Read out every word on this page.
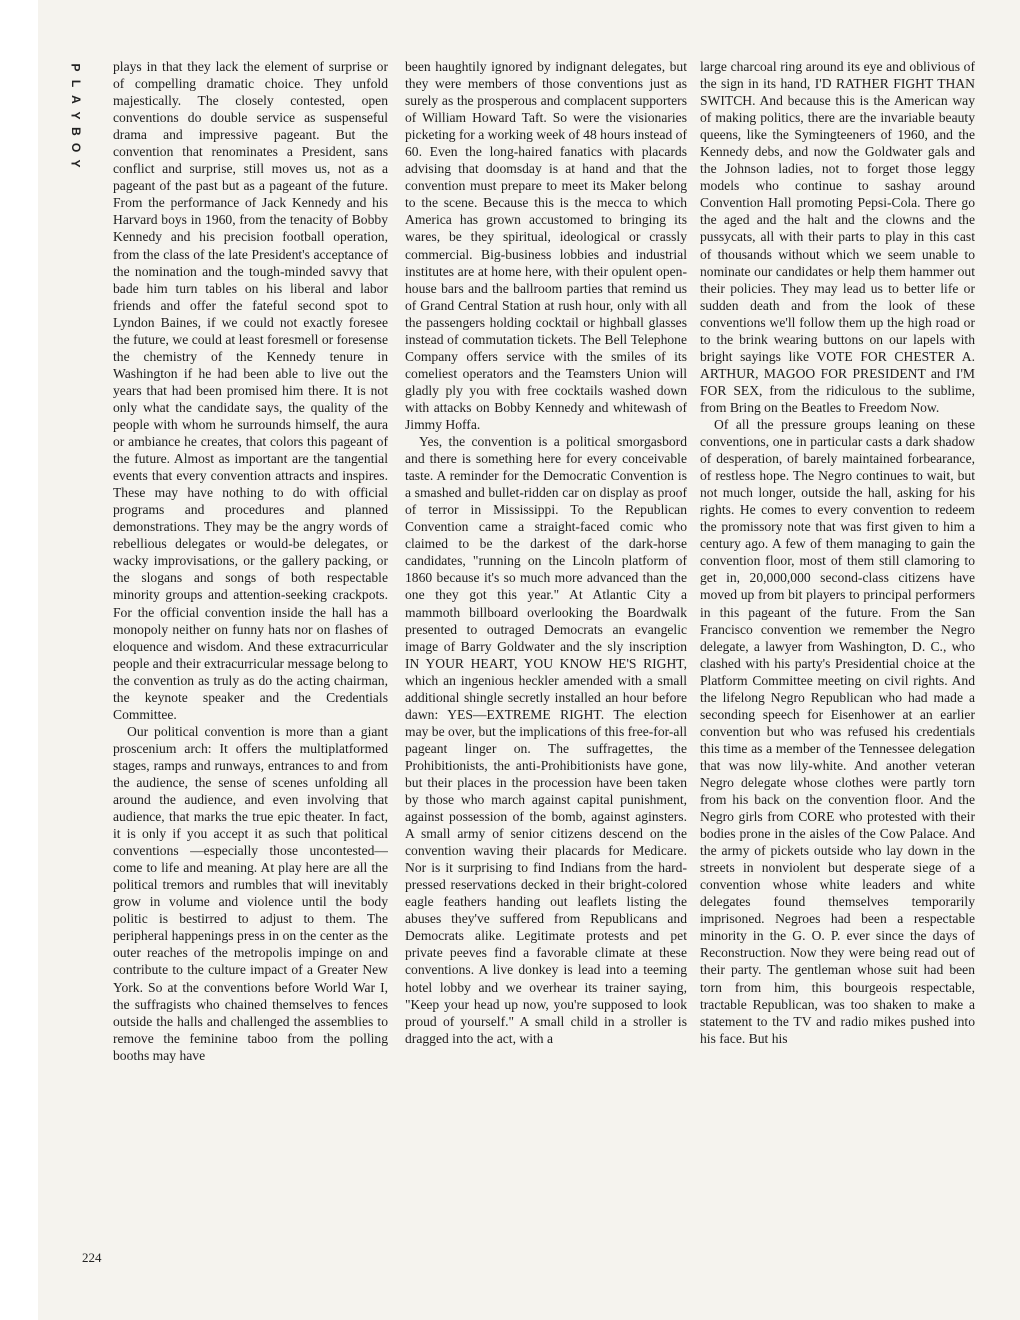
P
L
A
Y
B
O
Y

plays in that they lack the element of surprise or of compelling dramatic choice. They unfold majestically. The closely contested, open conventions do double service as suspenseful drama and impressive pageant. But the convention that renominates a President, sans conflict and surprise, still moves us, not as a pageant of the past but as a pageant of the future. From the performance of Jack Kennedy and his Harvard boys in 1960, from the tenacity of Bobby Kennedy and his precision football operation, from the class of the late President's acceptance of the nomination and the tough-minded savvy that bade him turn tables on his liberal and labor friends and offer the fateful second spot to Lyndon Baines, if we could not exactly foresee the future, we could at least foresmell or foresense the chemistry of the Kennedy tenure in Washington if he had been able to live out the years that had been promised him there. It is not only what the candidate says, the quality of the people with whom he surrounds himself, the aura or ambiance he creates, that colors this pageant of the future. Almost as important are the tangential events that every convention attracts and inspires. These may have nothing to do with official programs and procedures and planned demonstrations. They may be the angry words of rebellious delegates or would-be delegates, or wacky improvisations, or the gallery packing, or the slogans and songs of both respectable minority groups and attention-seeking crackpots. For the official convention inside the hall has a monopoly neither on funny hats nor on flashes of eloquence and wisdom. And these extracurricular people and their extracurricular message belong to the convention as truly as do the acting chairman, the keynote speaker and the Credentials Committee.

Our political convention is more than a giant proscenium arch: It offers the multiplatformed stages, ramps and runways, entrances to and from the audience, the sense of scenes unfolding all around the audience, and even involving that audience, that marks the true epic theater. In fact, it is only if you accept it as such that political conventions —especially those uncontested—come to life and meaning. At play here are all the political tremors and rumbles that will inevitably grow in volume and violence until the body politic is bestirred to adjust to them. The peripheral happenings press in on the center as the outer reaches of the metropolis impinge on and contribute to the culture impact of a Greater New York. So at the conventions before World War I, the suffragists who chained themselves to fences outside the halls and challenged the assemblies to remove the feminine taboo from the polling booths may have

been haughtily ignored by indignant delegates, but they were members of those conventions just as surely as the prosperous and complacent supporters of William Howard Taft. So were the visionaries picketing for a working week of 48 hours instead of 60. Even the long-haired fanatics with placards advising that doomsday is at hand and that the convention must prepare to meet its Maker belong to the scene. Because this is the mecca to which America has grown accustomed to bringing its wares, be they spiritual, ideological or crassly commercial. Big-business lobbies and industrial institutes are at home here, with their opulent open-house bars and the ballroom parties that remind us of Grand Central Station at rush hour, only with all the passengers holding cocktail or highball glasses instead of commutation tickets. The Bell Telephone Company offers service with the smiles of its comeliest operators and the Teamsters Union will gladly ply you with free cocktails washed down with attacks on Bobby Kennedy and whitewash of Jimmy Hoffa.

Yes, the convention is a political smorgasbord and there is something here for every conceivable taste. A reminder for the Democratic Convention is a smashed and bullet-ridden car on display as proof of terror in Mississippi. To the Republican Convention came a straight-faced comic who claimed to be the darkest of the dark-horse candidates, "running on the Lincoln platform of 1860 because it's so much more advanced than the one they got this year." At Atlantic City a mammoth billboard overlooking the Boardwalk presented to outraged Democrats an evangelic image of Barry Goldwater and the sly inscription IN YOUR HEART, YOU KNOW HE'S RIGHT, which an ingenious heckler amended with a small additional shingle secretly installed an hour before dawn: YES—EXTREME RIGHT. The election may be over, but the implications of this free-for-all pageant linger on. The suffragettes, the Prohibitionists, the anti-Prohibitionists have gone, but their places in the procession have been taken by those who march against capital punishment, against possession of the bomb, against aginsters. A small army of senior citizens descend on the convention waving their placards for Medicare. Nor is it surprising to find Indians from the hard-pressed reservations decked in their bright-colored eagle feathers handing out leaflets listing the abuses they've suffered from Republicans and Democrats alike. Legitimate protests and pet private peeves find a favorable climate at these conventions. A live donkey is lead into a teeming hotel lobby and we overhear its trainer saying, "Keep your head up now, you're supposed to look proud of yourself." A small child in a stroller is dragged into the act, with a

large charcoal ring around its eye and oblivious of the sign in its hand, I'D RATHER FIGHT THAN SWITCH. And because this is the American way of making politics, there are the invariable beauty queens, like the Symingteeners of 1960, and the Kennedy debs, and now the Goldwater gals and the Johnson ladies, not to forget those leggy models who continue to sashay around Convention Hall promoting Pepsi-Cola. There go the aged and the halt and the clowns and the pussycats, all with their parts to play in this cast of thousands without which we seem unable to nominate our candidates or help them hammer out their policies. They may lead us to better life or sudden death and from the look of these conventions we'll follow them up the high road or to the brink wearing buttons on our lapels with bright sayings like VOTE FOR CHESTER A. ARTHUR, MAGOO FOR PRESIDENT and I'M FOR SEX, from the ridiculous to the sublime, from Bring on the Beatles to Freedom Now.

Of all the pressure groups leaning on these conventions, one in particular casts a dark shadow of desperation, of barely maintained forbearance, of restless hope. The Negro continues to wait, but not much longer, outside the hall, asking for his rights. He comes to every convention to redeem the promissory note that was first given to him a century ago. A few of them managing to gain the convention floor, most of them still clamoring to get in, 20,000,000 second-class citizens have moved up from bit players to principal performers in this pageant of the future. From the San Francisco convention we remember the Negro delegate, a lawyer from Washington, D. C., who clashed with his party's Presidential choice at the Platform Committee meeting on civil rights. And the lifelong Negro Republican who had made a seconding speech for Eisenhower at an earlier convention but who was refused his credentials this time as a member of the Tennessee delegation that was now lily-white. And another veteran Negro delegate whose clothes were partly torn from his back on the convention floor. And the Negro girls from CORE who protested with their bodies prone in the aisles of the Cow Palace. And the army of pickets outside who lay down in the streets in nonviolent but desperate siege of a convention whose white leaders and white delegates found themselves temporarily imprisoned. Negroes had been a respectable minority in the G. O. P. ever since the days of Reconstruction. Now they were being read out of their party. The gentleman whose suit had been torn from him, this bourgeois respectable, tractable Republican, was too shaken to make a statement to the TV and radio mikes pushed into his face. But his

224
